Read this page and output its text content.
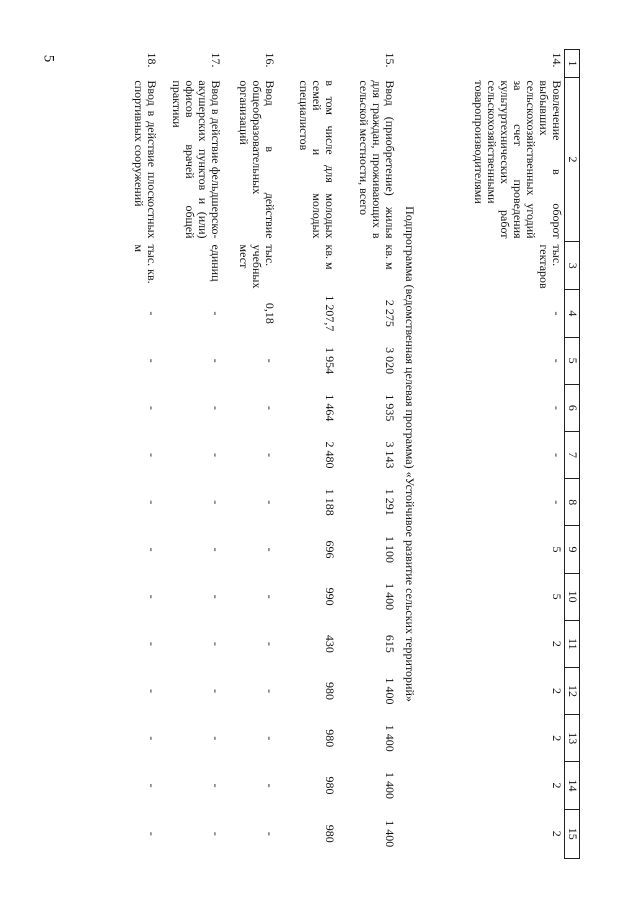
5
1	2	3	4	5	6	7	8	9	10	11	12	13	14	15
14.	Вовлечение в оборот выбывших сельскохозяйственных угодий за счет проведения культуртехнических работ сельскохозяйственными товаропроизводителями	тыс. гектаров	-	-	-	-	-	5	5	2	2	2	2	2
Подпрограмма (ведомственная целевая программа) «Устойчивое развитие сельских территорий»														
15.	Ввод (приобретение) жилья для граждан, проживающих в сельской местности, всего	кв. м	2 275	3 020	1 935	3 143	1 291	1 100	1 400	615	1 400	1 400	1 400	1 400
	в том числе для молодых семей и молодых специалистов	кв. м	1 207,7	1 954	1 464	2 480	1 188	696	990	430	980	980	980	980
16.	Ввод в действие общеобразовательных организаций	тыс. учебных мест	0,18	-	-	-	-	-	-	-	-	-	-	-
17.	Ввод в действие фельдшерско-акушерских пунктов и (или) офисов врачей общей практики	единиц	-	-	-	-	-	-	-	-	-	-	-	-
18.	Ввод в действие плоскостных спортивных сооружений	тыс. кв. м	-	-	-	-	-	-	-	-	-	-	-	-
